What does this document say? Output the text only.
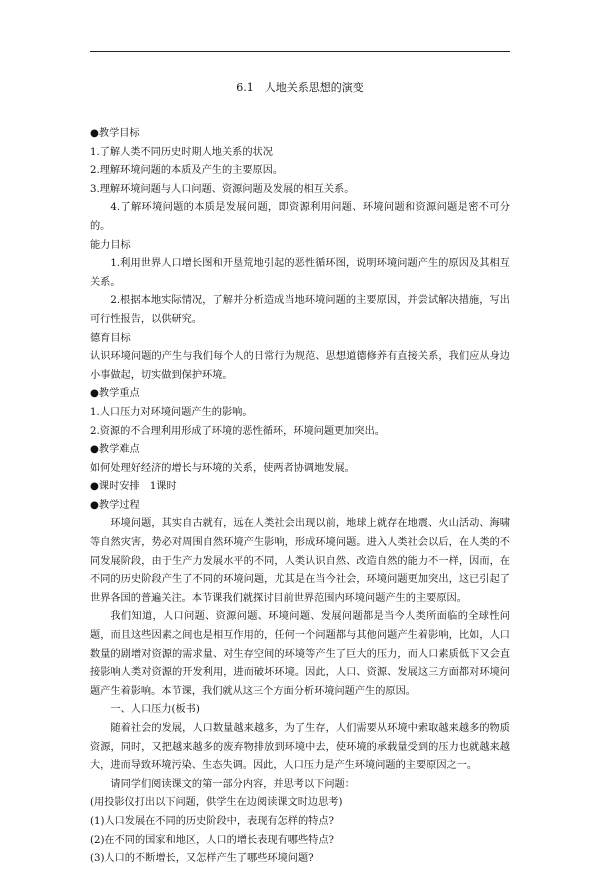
6.1　人地关系思想的演变

●教学目标

1.了解人类不同历史时期人地关系的状况

2.理解环境问题的本质及产生的主要原因。

3.理解环境问题与人口问题、资源问题及发展的相互关系。

4.了解环境问题的本质是发展问题，即资源利用问题、环境问题和资源问题是密不可分的。

能力目标

1.利用世界人口增长图和开垦荒地引起的恶性循环图，说明环境问题产生的原因及其相互关系。

2.根据本地实际情况，了解并分析造成当地环境问题的主要原因，并尝试解决措施，写出可行性报告，以供研究。

德育目标

认识环境问题的产生与我们每个人的日常行为规范、思想道德修养有直接关系，我们应从身边小事做起，切实做到保护环境。

●教学重点

1.人口压力对环境问题产生的影响。

2.资源的不合理利用形成了环境的恶性循环，环境问题更加突出。

●教学难点

如何处理好经济的增长与环境的关系，使两者协调地发展。

●课时安排　1课时

●教学过程

环境问题，其实自古就有，远在人类社会出现以前，地球上就存在地震、火山活动、海啸等自然灾害，势必对周围自然环境产生影响，形成环境问题。进入人类社会以后，在人类的不同发展阶段，由于生产力发展水平的不同，人类认识自然、改造自然的能力不一样，因而，在不同的历史阶段产生了不同的环境问题，尤其是在当今社会，环境问题更加突出，这已引起了世界各国的普遍关注。本节课我们就探讨目前世界范围内环境问题产生的主要原因。

我们知道，人口问题、资源问题、环境问题、发展问题都是当今人类所面临的全球性问题，而且这些因素之间也是相互作用的，任何一个问题都与其他问题产生着影响，比如，人口数量的剧增对资源的需求量、对生存空间的环境等产生了巨大的压力，而人口素质低下又会直接影响人类对资源的开发利用，进而破坏环境。因此，人口、资源、发展这三方面都对环境问题产生着影响。本节课，我们就从这三个方面分析环境问题产生的原因。

一、人口压力(板书)

随着社会的发展，人口数量越来越多，为了生存，人们需要从环境中索取越来越多的物质资源，同时，又把越来越多的废弃物排放到环境中去，使环境的承载量受到的压力也就越来越大，进而导致环境污染、生态失调。因此，人口压力是产生环境问题的主要原因之一。

请同学们阅读课文的第一部分内容，并思考以下问题：

(用投影仪打出以下问题，供学生在边阅读课文时边思考)

(1)人口发展在不同的历史阶段中，表现有怎样的特点?

(2)在不同的国家和地区，人口的增长表现有哪些特点?

(3)人口的不断增长，又怎样产生了哪些环境问题?
